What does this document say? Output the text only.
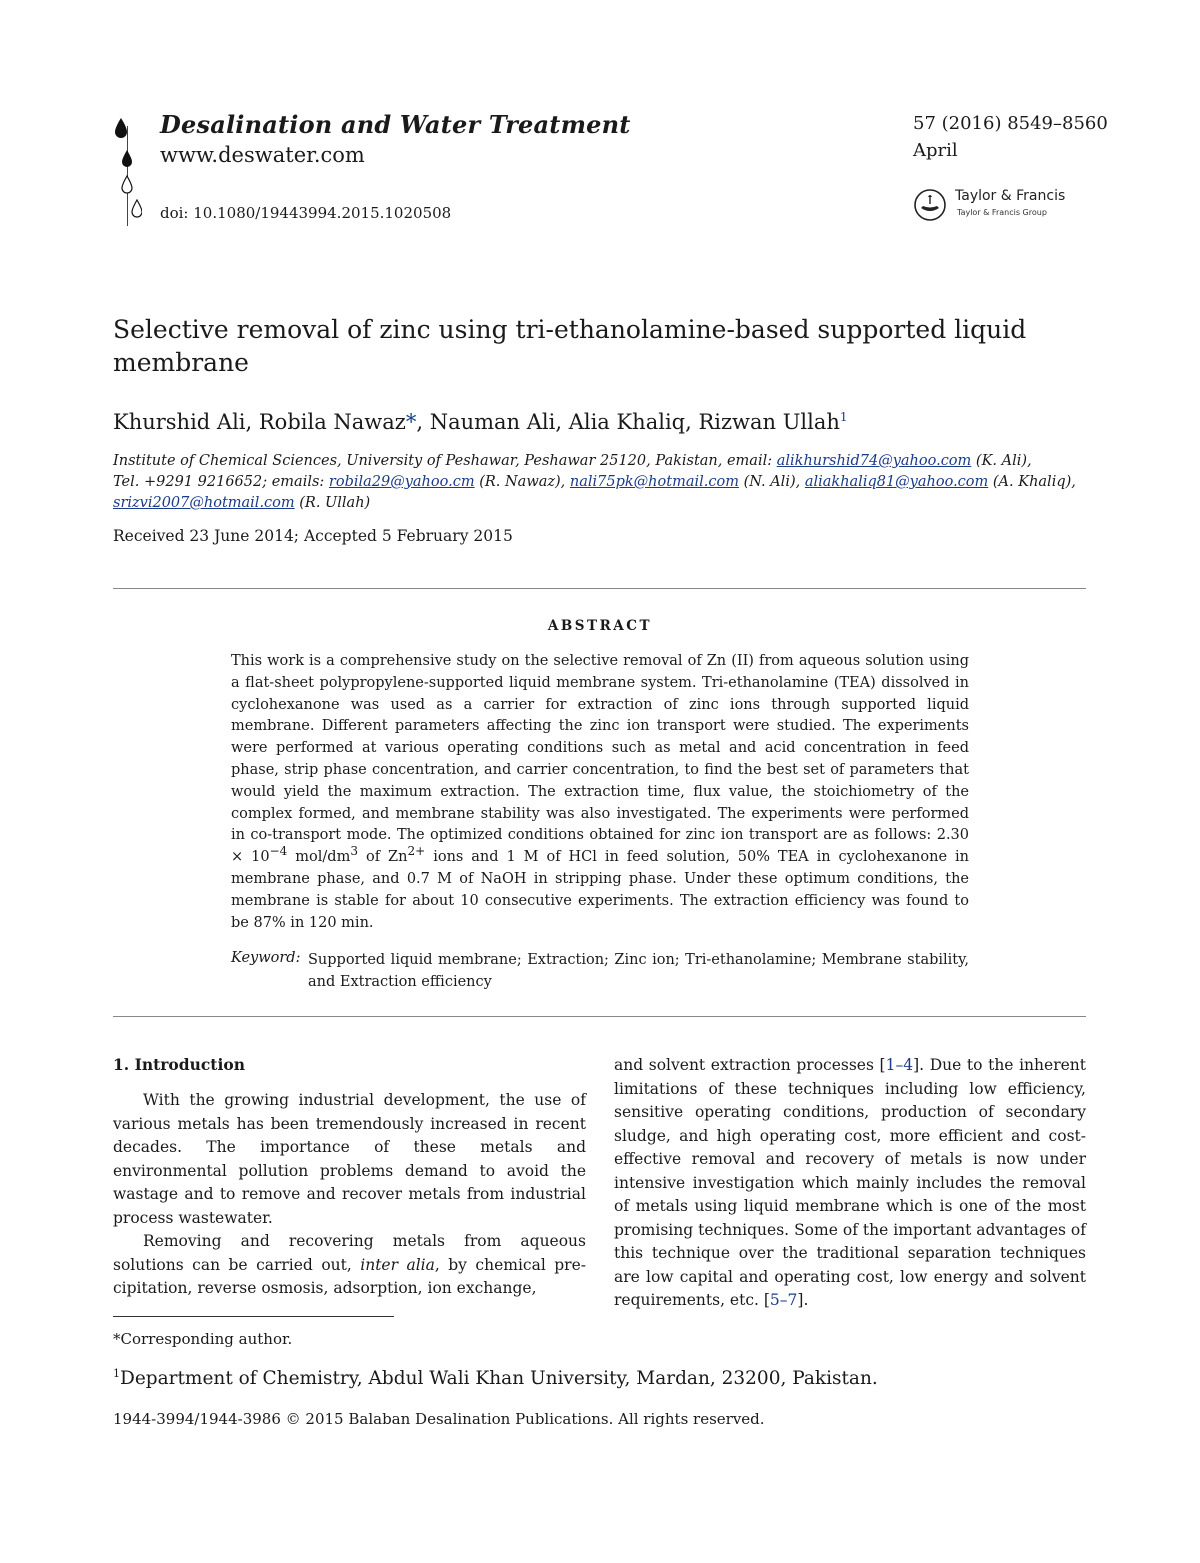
Desalination and Water Treatment
www.deswater.com
doi: 10.1080/19443994.2015.1020508
57 (2016) 8549–8560
April
Taylor & Francis
Taylor & Francis Group
Selective removal of zinc using tri-ethanolamine-based supported liquid membrane
Khurshid Ali, Robila Nawaz*, Nauman Ali, Alia Khaliq, Rizwan Ullah$^1$
Institute of Chemical Sciences, University of Peshawar, Peshawar 25120, Pakistan, email: alikhurshid74@yahoo.com (K. Ali),
Tel. +9291 9216652; emails: robila29@yahoo.cm (R. Nawaz), nali75pk@hotmail.com (N. Ali), aliakhaliq81@yahoo.com (A. Khaliq),
srizvi2007@hotmail.com (R. Ullah)
Received 23 June 2014; Accepted 5 February 2015
ABSTRACT
This work is a comprehensive study on the selective removal of Zn (II) from aqueous solution using a flat-sheet polypropylene-supported liquid membrane system. Tri-ethanolamine (TEA) dissolved in cyclohexanone was used as a carrier for extraction of zinc ions through supported liquid membrane. Different parameters affecting the zinc ion transport were studied. The experiments were performed at various operating conditions such as metal and acid concentration in feed phase, strip phase concentration, and carrier concentration, to find the best set of parameters that would yield the maximum extraction. The extraction time, flux value, the stoichiometry of the complex formed, and membrane stability was also investigated. The experiments were performed in co-transport mode. The optimized conditions obtained for zinc ion transport are as follows: $2.30 \times 10^{-4}$ mol/$dm^3$ of $Zn^{2+}$ ions and 1 M of HCl in feed solution, 50% TEA in cyclohexanone in membrane phase, and 0.7 M of NaOH in stripping phase. Under these optimum conditions, the membrane is stable for about 10 consecutive experiments. The extraction efficiency was found to be 87% in 120 min.
Keyword: Supported liquid membrane; Extraction; Zinc ion; Tri-ethanolamine; Membrane stability, and Extraction efficiency
1. Introduction

With the growing industrial development, the use of various metals has been tremendously increased in recent decades. The importance of these metals and environmental pollution problems demand to avoid the wastage and to remove and recover metals from industrial process wastewater.

Removing and recovering metals from aqueous solutions can be carried out, inter alia, by chemical precipitation, reverse osmosis, adsorption, ion exchange,

and solvent extraction processes [1–4]. Due to the inherent limitations of these techniques including low efficiency, sensitive operating conditions, production of secondary sludge, and high operating cost, more efficient and cost-effective removal and recovery of metals is now under intensive investigation which mainly includes the removal of metals using liquid membrane which is one of the most promising techniques. Some of the important advantages of this technique over the traditional separation techniques are low capital and operating cost, low energy and solvent requirements, etc. [5–7].

*Corresponding author.
$^1$Department of Chemistry, Abdul Wali Khan University, Mardan, 23200, Pakistan.
1944-3994/1944-3986 © 2015 Balaban Desalination Publications. All rights reserved.
